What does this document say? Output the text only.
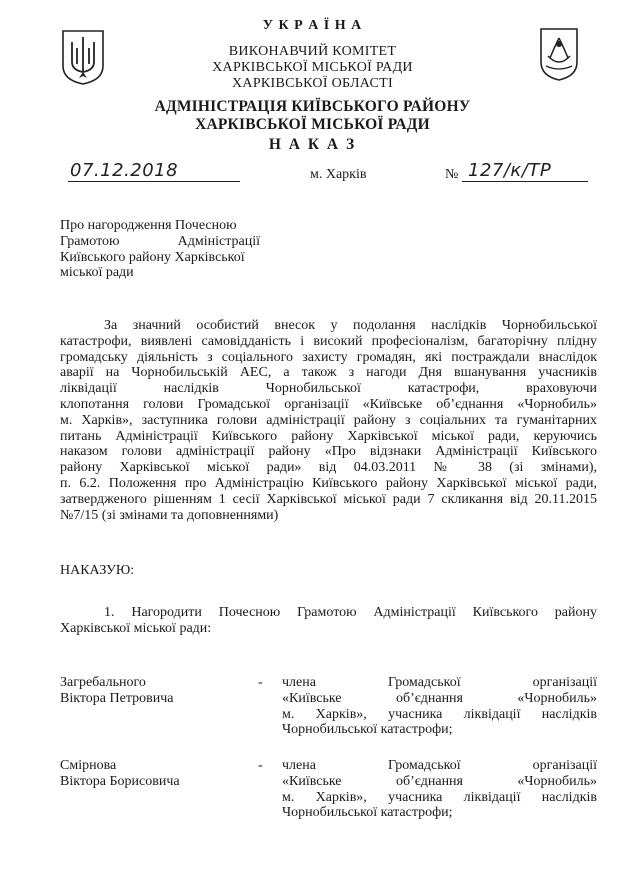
У К Р А Ї Н А
ВИКОНАВЧИЙ КОМІТЕТ
ХАРКІВСЬКОЇ МІСЬКОЇ РАДИ
ХАРКІВСЬКОЇ ОБЛАСТІ
АДМІНІСТРАЦІЯ КИЇВСЬКОГО РАЙОНУ
ХАРКІВСЬКОЇ МІСЬКОЇ РАДИ
Н А К А З
07.12.2018	м. Харків	№ 127/к/ТР
Про нагородження Почесною
Грамотою	Адміністрації
Київського району Харківської
міської ради
За значний особистий внесок у подолання наслідків Чорнобильської
катастрофи, виявлені самовідданість і високий професіоналізм, багаторічну плідну
громадську діяльність з соціального захисту громадян, які постраждали внаслідок
аварії на Чорнобильській АЕС, а також з нагоди Дня вшанування учасників
ліквідації наслідків Чорнобильської катастрофи, враховуючи
клопотання голови Громадської організації «Київське об’єднання «Чорнобиль»
м. Харків», заступника голови адміністрації району з соціальних та гуманітарних
питань Адміністрації Київського району Харківської міської ради, керуючись
наказом голови адміністрації району «Про відзнаки Адміністрації Київського
району Харківської міської ради» від 04.03.2011 № 38 (зі змінами),
п. 6.2. Положення про Адміністрацію Київського району Харківської міської ради,
затвердженого рішенням 1 сесії Харківської міської ради 7 скликання від 20.11.2015
№7/15 (зі змінами та доповненнями)
НАКАЗУЮ:
1. Нагородити Почесною Грамотою Адміністрації Київського району
Харківської міської ради:
Загребального
Віктора Петровича
- члена Громадської організації
«Київське об’єднання «Чорнобиль»
м. Харків», учасника ліквідації наслідків
Чорнобильської катастрофи;
Смірнова
Віктора Борисовича
- члена Громадської організації
«Київське об’єднання «Чорнобиль»
м. Харків», учасника ліквідації наслідків
Чорнобильської катастрофи;
